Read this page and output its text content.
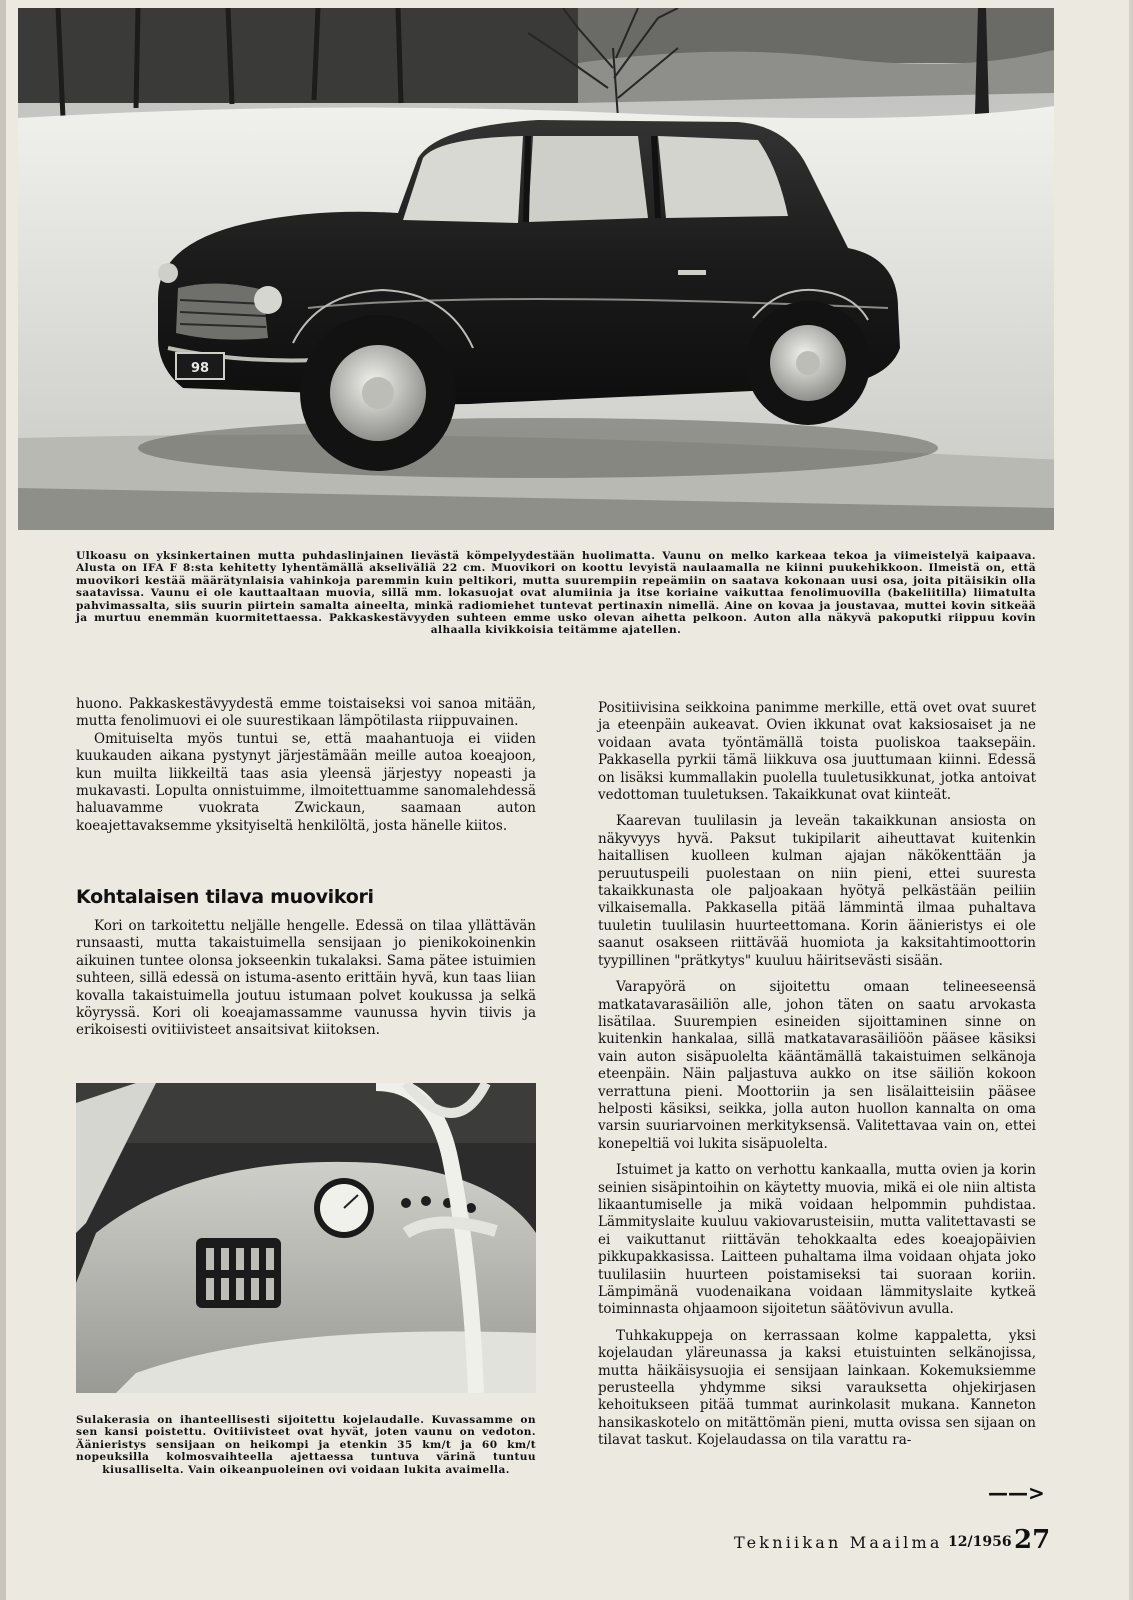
98
Ulkoasu on yksinkertainen mutta puhdaslinjainen lievästä kömpelyydestään huolimatta. Vaunu on melko karkeaa tekoa ja viimeistelyä kaipaava. Alusta on IFA F 8:sta kehitetty lyhentämällä akseliväliä 22 cm. Muovikori on koottu levyistä naulaamalla ne kiinni puukehikkoon. Ilmeistä on, että muovikori kestää määrätynlaisia vahinkoja paremmin kuin peltikori, mutta suurempiin repeämiin on saatava kokonaan uusi osa, joita pitäisikin olla saatavissa. Vaunu ei ole kauttaaltaan muovia, sillä mm. lokasuojat ovat alumiinia ja itse koriaine vaikuttaa fenolimuovilla (bakeliitilla) liimatulta pahvimassalta, siis suurin piirtein samalta aineelta, minkä radiomiehet tuntevat pertinaxin nimellä. Aine on kovaa ja joustavaa, muttei kovin sitkeää ja murtuu enemmän kuormitettaessa. Pakkaskestävyyden suhteen emme usko olevan aihetta pelkoon. Auton alla näkyvä pakoputki riippuu kovin alhaalla kivikkoisia teitämme ajatellen.

huono. Pakkaskestävyydestä emme toistaiseksi voi sanoa mitään, mutta fenolimuovi ei ole suurestikaan lämpötilasta riippuvainen.

Omituiselta myös tuntui se, että maahantuoja ei viiden kuukauden aikana pystynyt järjestämään meille autoa koeajoon, kun muilta liikkeiltä taas asia yleensä järjestyy nopeasti ja mukavasti. Lopulta onnistuimme, ilmoitettuamme sanomalehdessä haluavamme vuokrata Zwickaun, saamaan auton koeajettavaksemme yksityiseltä henkilöltä, josta hänelle kiitos.

Kohtalaisen tilava muovikori

Kori on tarkoitettu neljälle hengelle. Edessä on tilaa yllättävän runsaasti, mutta takaistuimella sensijaan jo pienikokoinenkin aikuinen tuntee olonsa jokseenkin tukalaksi. Sama pätee istuimien suhteen, sillä edessä on istuma-asento erittäin hyvä, kun taas liian kovalla takaistuimella joutuu istumaan polvet koukussa ja selkä köyryssä. Kori oli koeajamassamme vaunussa hyvin tiivis ja erikoisesti ovitiivisteet ansaitsivat kiitoksen.

Sulakerasia on ihanteellisesti sijoitettu kojelaudalle. Kuvassamme on sen kansi poistettu. Ovitiivisteet ovat hyvät, joten vaunu on vedoton. Äänieristys sensijaan on heikompi ja etenkin 35 km/t ja 60 km/t nopeuksilla kolmosvaihteella ajettaessa tuntuva värinä tuntuu kiusalliselta. Vain oikeanpuoleinen ovi voidaan lukita avaimella.

Positiivisina seikkoina panimme merkille, että ovet ovat suuret ja eteenpäin aukeavat. Ovien ikkunat ovat kaksiosaiset ja ne voidaan avata työntämällä toista puoliskoa taaksepäin. Pakkasella pyrkii tämä liikkuva osa juuttumaan kiinni. Edessä on lisäksi kummallakin puolella tuuletusikkunat, jotka antoivat vedottoman tuuletuksen. Takaikkunat ovat kiinteät.

Kaarevan tuulilasin ja leveän takaikkunan ansiosta on näkyvyys hyvä. Paksut tukipilarit aiheuttavat kuitenkin haitallisen kuolleen kulman ajajan näkökenttään ja peruutuspeili puolestaan on niin pieni, ettei suuresta takaikkunasta ole paljoakaan hyötyä pelkästään peiliin vilkaisemalla. Pakkasella pitää lämmintä ilmaa puhaltava tuuletin tuulilasin huurteettomana. Korin äänieristys ei ole saanut osakseen riittävää huomiota ja kaksitahtimoottorin tyypillinen "prätkytys" kuuluu häiritsevästi sisään.

Varapyörä on sijoitettu omaan telineeseensä matkatavarasäiliön alle, johon täten on saatu arvokasta lisätilaa. Suurempien esineiden sijoittaminen sinne on kuitenkin hankalaa, sillä matkatavarasäiliöön pääsee käsiksi vain auton sisäpuolelta kääntämällä takaistuimen selkänoja eteenpäin. Näin paljastuva aukko on itse säiliön kokoon verrattuna pieni. Moottoriin ja sen lisälaitteisiin pääsee helposti käsiksi, seikka, jolla auton huollon kannalta on oma varsin suuriarvoinen merkityksensä. Valitettavaa vain on, ettei konepeltiä voi lukita sisäpuolelta.

Istuimet ja katto on verhottu kankaalla, mutta ovien ja korin seinien sisäpintoihin on käytetty muovia, mikä ei ole niin altista likaantumiselle ja mikä voidaan helpommin puhdistaa. Lämmityslaite kuuluu vakiovarusteisiin, mutta valitettavasti se ei vaikuttanut riittävän tehokkaalta edes koeajopäivien pikkupakkasissa. Laitteen puhaltama ilma voidaan ohjata joko tuulilasiin huurteen poistamiseksi tai suoraan koriin. Lämpimänä vuodenaikana voidaan lämmityslaite kytkeä toiminnasta ohjaamoon sijoitetun säätövivun avulla.

Tuhkakuppeja on kerrassaan kolme kappaletta, yksi kojelaudan yläreunassa ja kaksi etuistuinten selkänojissa, mutta häikäisysuojia ei sensijaan lainkaan. Kokemuksiemme perusteella yhdymme siksi varauksetta ohjekirjasen kehoitukseen pitää tummat aurinkolasit mukana. Kanneton hansikaskotelo on mitättömän pieni, mutta ovissa sen sijaan on tilavat taskut. Kojelaudassa on tila varattu ra-

——>
Tekniikan Maailma 12/1956 27
